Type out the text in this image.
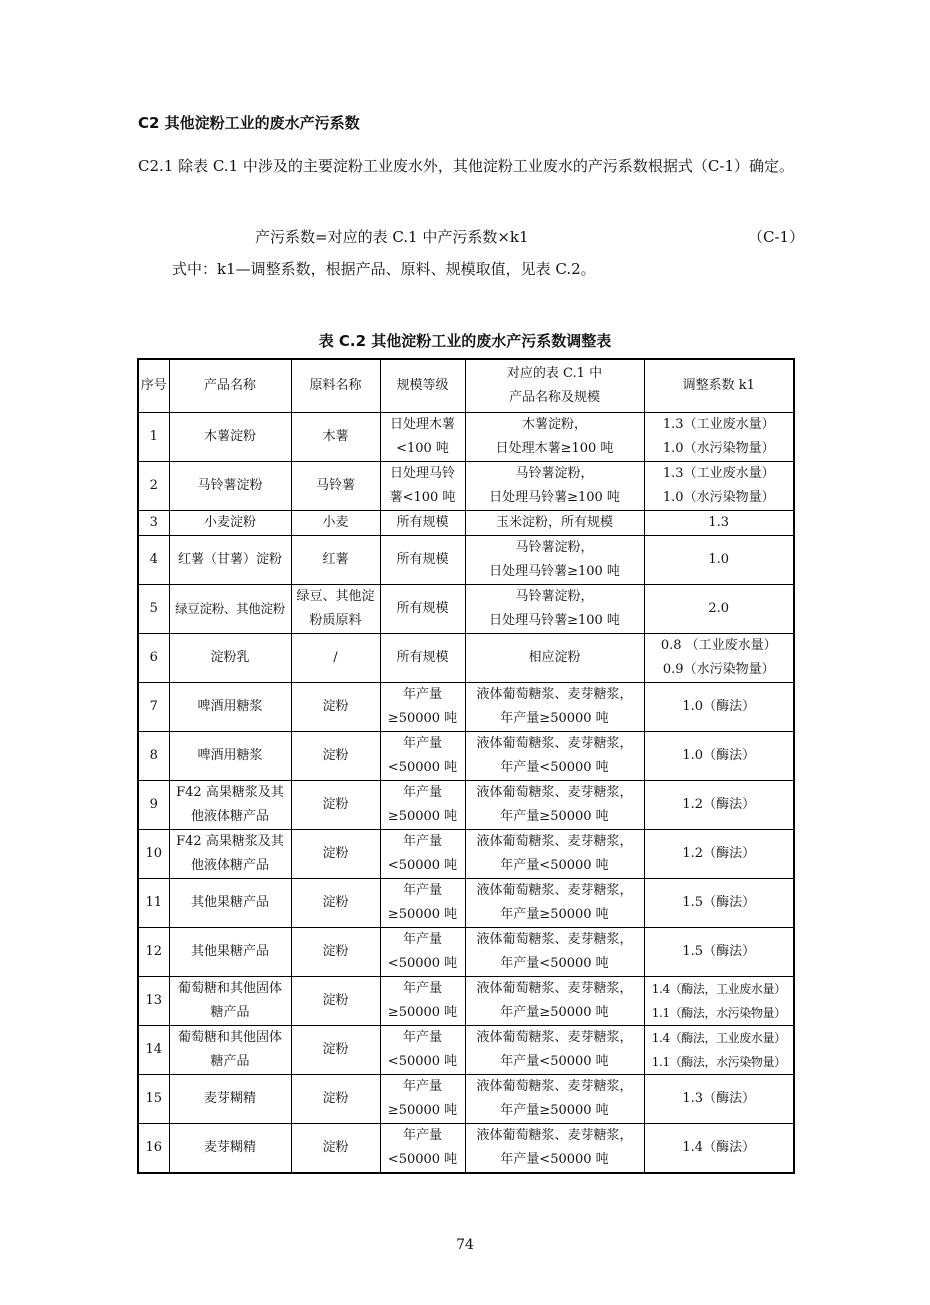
C2 其他淀粉工业的废水产污系数
C2.1 除表 C.1 中涉及的主要淀粉工业废水外，其他淀粉工业废水的产污系数根据式（C-1）确定。
产污系数=对应的表 C.1 中产污系数×k1	（C-1）
式中：k1—调整系数，根据产品、原料、规模取值，见表 C.2。
表 C.2 其他淀粉工业的废水产污系数调整表
序号	产品名称	原料名称	规模等级	对应的表 C.1 中
产品名称及规模	调整系数 k1
1	木薯淀粉	木薯	日处理木薯
<100 吨	木薯淀粉，
日处理木薯≥100 吨	1.3（工业废水量）
1.0（水污染物量）
2	马铃薯淀粉	马铃薯	日处理马铃
薯<100 吨	马铃薯淀粉，
日处理马铃薯≥100 吨	1.3（工业废水量）
1.0（水污染物量）
3	小麦淀粉	小麦	所有规模	玉米淀粉，所有规模	1.3
4	红薯（甘薯）淀粉	红薯	所有规模	马铃薯淀粉，
日处理马铃薯≥100 吨	1.0
5	绿豆淀粉、其他淀粉	绿豆、其他淀
粉质原料	所有规模	马铃薯淀粉，
日处理马铃薯≥100 吨	2.0
6	淀粉乳	/	所有规模	相应淀粉	0.8 （工业废水量）
0.9（水污染物量）
7	啤酒用糖浆	淀粉	年产量
≥50000 吨	液体葡萄糖浆、麦芽糖浆，
年产量≥50000 吨	1.0（酶法）
8	啤酒用糖浆	淀粉	年产量
<50000 吨	液体葡萄糖浆、麦芽糖浆，
年产量<50000 吨	1.0（酶法）
9	F42 高果糖浆及其
他液体糖产品	淀粉	年产量
≥50000 吨	液体葡萄糖浆、麦芽糖浆，
年产量≥50000 吨	1.2（酶法）
10	F42 高果糖浆及其
他液体糖产品	淀粉	年产量
<50000 吨	液体葡萄糖浆、麦芽糖浆，
年产量<50000 吨	1.2（酶法）
11	其他果糖产品	淀粉	年产量
≥50000 吨	液体葡萄糖浆、麦芽糖浆，
年产量≥50000 吨	1.5（酶法）
12	其他果糖产品	淀粉	年产量
<50000 吨	液体葡萄糖浆、麦芽糖浆，
年产量<50000 吨	1.5（酶法）
13	葡萄糖和其他固体
糖产品	淀粉	年产量
≥50000 吨	液体葡萄糖浆、麦芽糖浆，
年产量≥50000 吨	1.4（酶法，工业废水量）
1.1（酶法，水污染物量）
14	葡萄糖和其他固体
糖产品	淀粉	年产量
<50000 吨	液体葡萄糖浆、麦芽糖浆，
年产量<50000 吨	1.4（酶法，工业废水量）
1.1（酶法，水污染物量）
15	麦芽糊精	淀粉	年产量
≥50000 吨	液体葡萄糖浆、麦芽糖浆，
年产量≥50000 吨	1.3（酶法）
16	麦芽糊精	淀粉	年产量
<50000 吨	液体葡萄糖浆、麦芽糖浆，
年产量<50000 吨	1.4（酶法）
74
